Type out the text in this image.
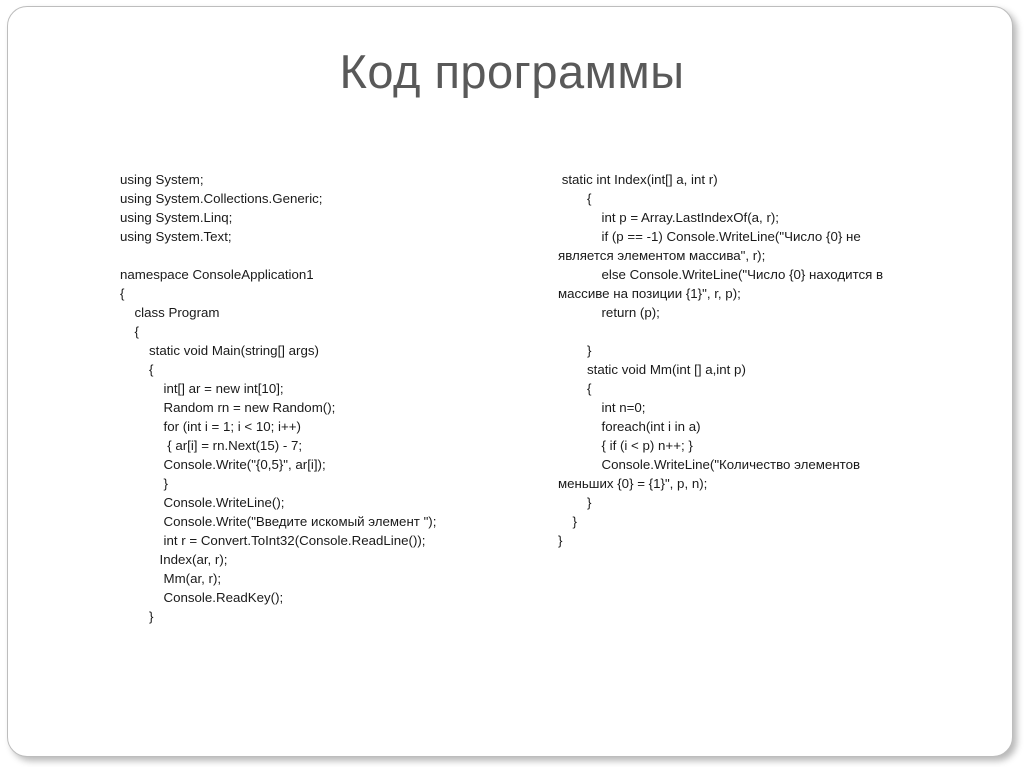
Код программы
using System;
using System.Collections.Generic;
using System.Linq;
using System.Text;
namespace ConsoleApplication1
{
class Program
{
static void Main(string[] args)
{
int[] ar = new int[10];
Random rn = new Random();
for (int i = 1; i < 10; i++)
{ ar[i] = rn.Next(15) - 7;
Console.Write("{0,5}", ar[i]);
}
Console.WriteLine();
Console.Write("Введите искомый элемент ");
int r = Convert.ToInt32(Console.ReadLine());
Index(ar, r);
Mm(ar, r);
Console.ReadKey();
}
static int Index(int[] a, int r)
{
int p = Array.LastIndexOf(a, r);
if (p == -1) Console.WriteLine("Число {0} не
является элементом массива", r);
else Console.WriteLine("Число {0} находится в
массиве на позиции {1}", r, p);
return (p);
}
static void Mm(int [] a,int p)
{
int n=0;
foreach(int i in a)
{ if (i < p) n++; }
Console.WriteLine("Количество элементов
меньших {0} = {1}", p, n);
}
}
}
